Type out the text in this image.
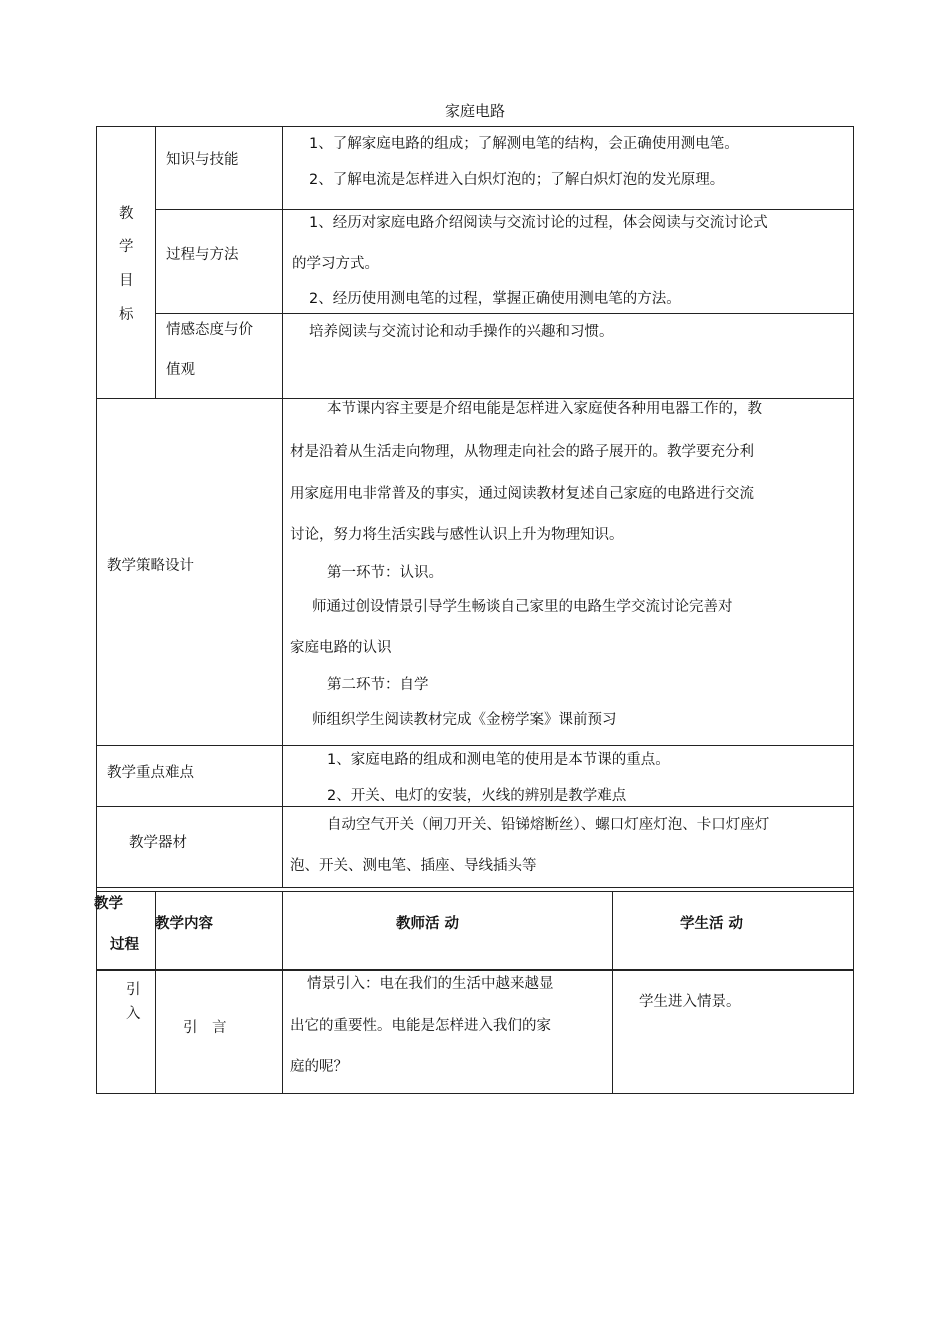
家庭电路
教
学
目
标
知识与技能
1、了解家庭电路的组成；了解测电笔的结构，会正确使用测电笔。
2、了解电流是怎样进入白炽灯泡的；了解白炽灯泡的发光原理。
过程与方法
1、经历对家庭电路介绍阅读与交流讨论的过程，体会阅读与交流讨论式
的学习方式。
2、经历使用测电笔的过程，掌握正确使用测电笔的方法。
情感态度与价
值观
培养阅读与交流讨论和动手操作的兴趣和习惯。
教学策略设计
本节课内容主要是介绍电能是怎样进入家庭使各种用电器工作的，教
材是沿着从生活走向物理，从物理走向社会的路子展开的。教学要充分利
用家庭用电非常普及的事实，通过阅读教材复述自己家庭的电路进行交流
讨论，努力将生活实践与感性认识上升为物理知识。
第一环节：认识。
师通过创设情景引导学生畅谈自己家里的电路生学交流讨论完善对
家庭电路的认识
第二环节：自学
师组织学生阅读教材完成《金榜学案》课前预习
教学重点难点
1、家庭电路的组成和测电笔的使用是本节课的重点。
2、开关、电灯的安装，火线的辨别是教学难点
教学器材
自动空气开关（闸刀开关、铅锑熔断丝）、螺口灯座灯泡、卡口灯座灯
泡、开关、测电笔、插座、导线插头等
教学
过程
教学内容	教师活 动	学生活 动
引
入
引　言
情景引入：电在我们的生活中越来越显
出它的重要性。电能是怎样进入我们的家
庭的呢？
学生进入情景。
